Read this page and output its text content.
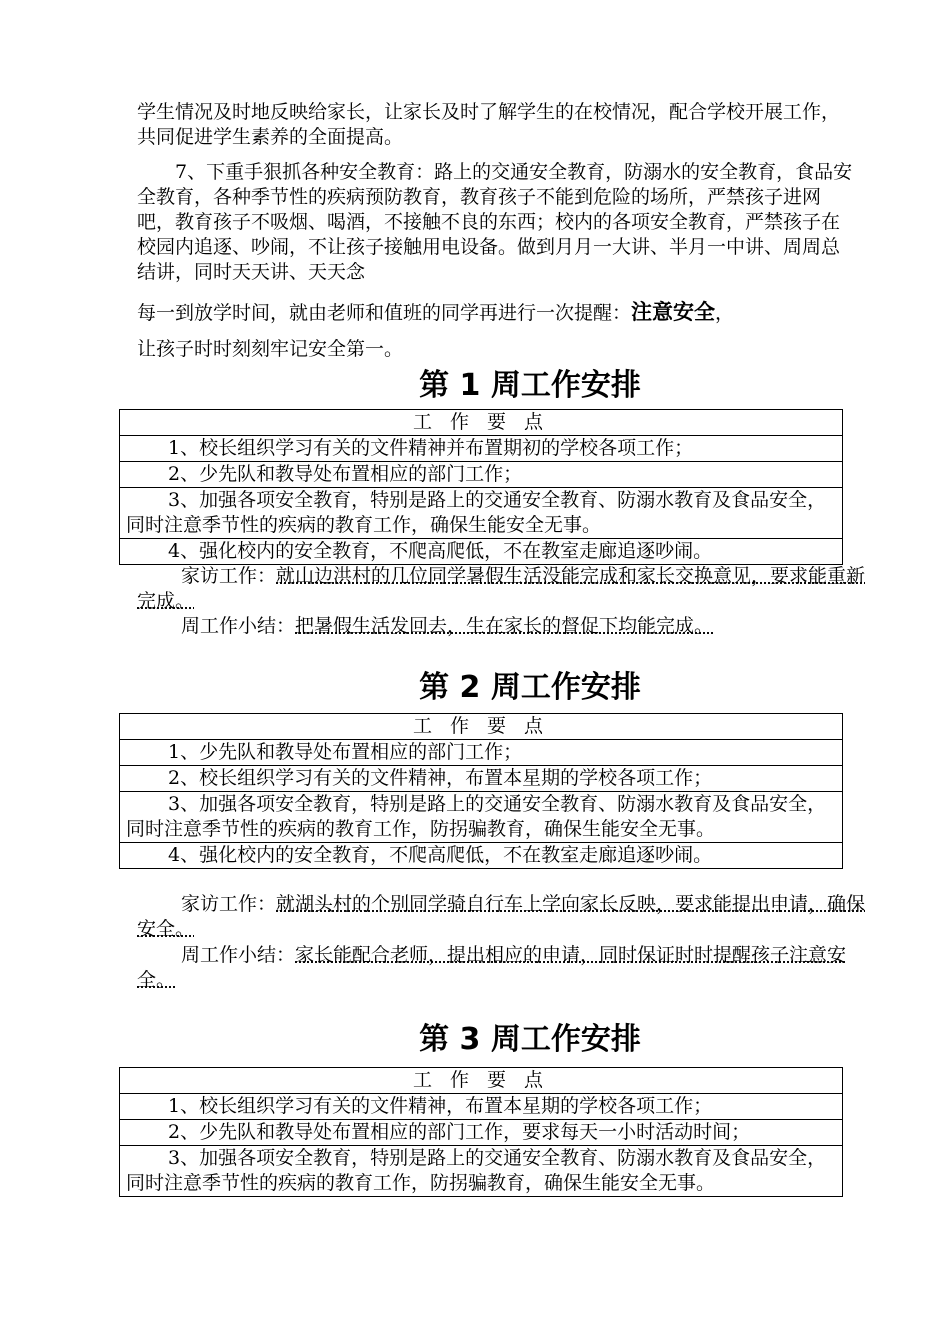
学生情况及时地反映给家长，让家长及时了解学生的在校情况，配合学校开展工作，共同促进学生素养的全面提高。

7、下重手狠抓各种安全教育：路上的交通安全教育，防溺水的安全教育，食品安全教育，各种季节性的疾病预防教育，教育孩子不能到危险的场所，严禁孩子进网吧，教育孩子不吸烟、喝酒，不接触不良的东西；校内的各项安全教育，严禁孩子在校园内追逐、吵闹，不让孩子接触用电设备。做到月月一大讲、半月一中讲、周周总结讲，同时天天讲、天天念

每一到放学时间，就由老师和值班的同学再进行一次提醒：注意安全，

让孩子时时刻刻牢记安全第一。

第 1 周工作安排
工作要点
1、校长组织学习有关的文件精神并布置期初的学校各项工作；
2、少先队和教导处布置相应的部门工作；
3、加强各项安全教育，特别是路上的交通安全教育、防溺水教育及食品安全，同时注意季节性的疾病的教育工作，确保生能安全无事。
4、强化校内的安全教育，不爬高爬低，不在教室走廊追逐吵闹。

家访工作：就山边洪村的几位同学暑假生活没能完成和家长交换意见，要求能重新完成。

周工作小结：把暑假生活发回去，生在家长的督促下均能完成。

第 2 周工作安排
工作要点
1、少先队和教导处布置相应的部门工作；
2、校长组织学习有关的文件精神，布置本星期的学校各项工作；
3、加强各项安全教育，特别是路上的交通安全教育、防溺水教育及食品安全，同时注意季节性的疾病的教育工作，防拐骗教育，确保生能安全无事。
4、强化校内的安全教育，不爬高爬低，不在教室走廊追逐吵闹。

家访工作：就湖头村的个别同学骑自行车上学向家长反映，要求能提出申请，确保安全。

周工作小结：家长能配合老师，提出相应的申请，同时保证时时提醒孩子注意安全。

第 3 周工作安排
工作要点
1、校长组织学习有关的文件精神，布置本星期的学校各项工作；
2、少先队和教导处布置相应的部门工作，要求每天一小时活动时间；
3、加强各项安全教育，特别是路上的交通安全教育、防溺水教育及食品安全，同时注意季节性的疾病的教育工作，防拐骗教育，确保生能安全无事。
